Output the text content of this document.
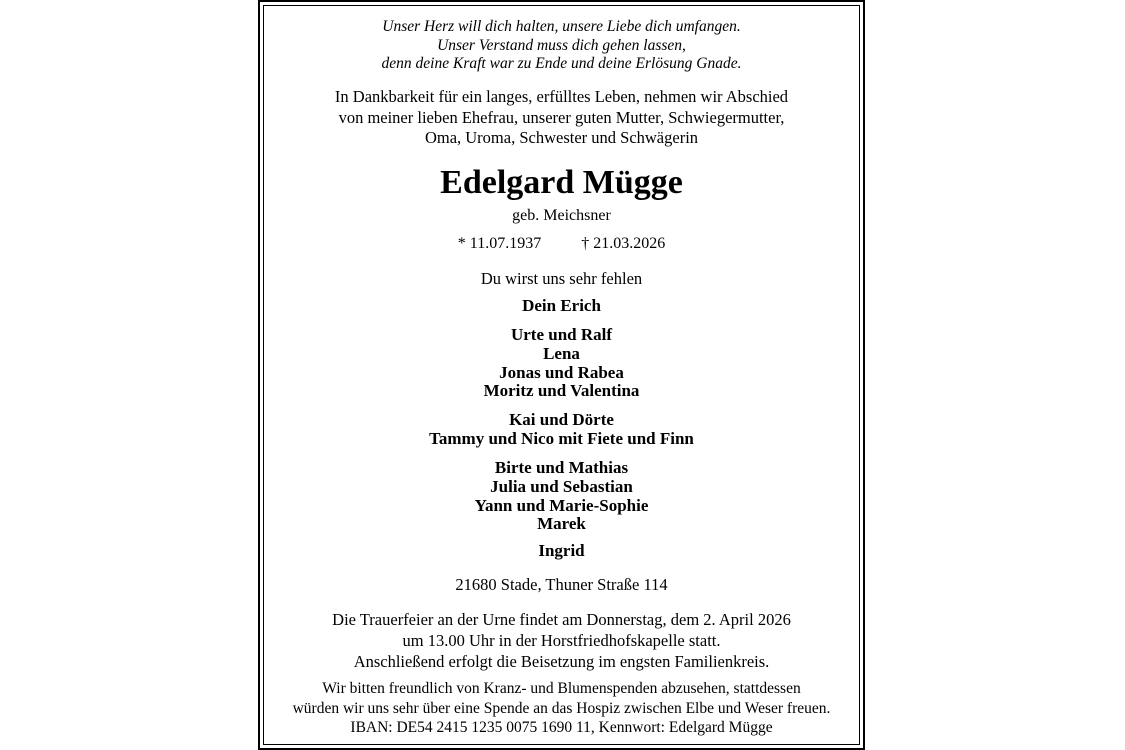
Unser Herz will dich halten, unsere Liebe dich umfangen.
Unser Verstand muss dich gehen lassen,
denn deine Kraft war zu Ende und deine Erlösung Gnade.
In Dankbarkeit für ein langes, erfülltes Leben, nehmen wir Abschied
von meiner lieben Ehefrau, unserer guten Mutter, Schwiegermutter,
Oma, Uroma, Schwester und Schwägerin
Edelgard Mügge
geb. Meichsner
* 11.07.1937	† 21.03.2026
Du wirst uns sehr fehlen
Dein Erich
Urte und Ralf
Lena
Jonas und Rabea
Moritz und Valentina
Kai und Dörte
Tammy und Nico mit Fiete und Finn
Birte und Mathias
Julia und Sebastian
Yann und Marie-Sophie
Marek
Ingrid
21680 Stade, Thuner Straße 114
Die Trauerfeier an der Urne findet am Donnerstag, dem 2. April 2026
um 13.00 Uhr in der Horstfriedhofskapelle statt.
Anschließend erfolgt die Beisetzung im engsten Familienkreis.
Wir bitten freundlich von Kranz- und Blumenspenden abzusehen, stattdessen
würden wir uns sehr über eine Spende an das Hospiz zwischen Elbe und Weser freuen.
IBAN: DE54 2415 1235 0075 1690 11, Kennwort: Edelgard Mügge
